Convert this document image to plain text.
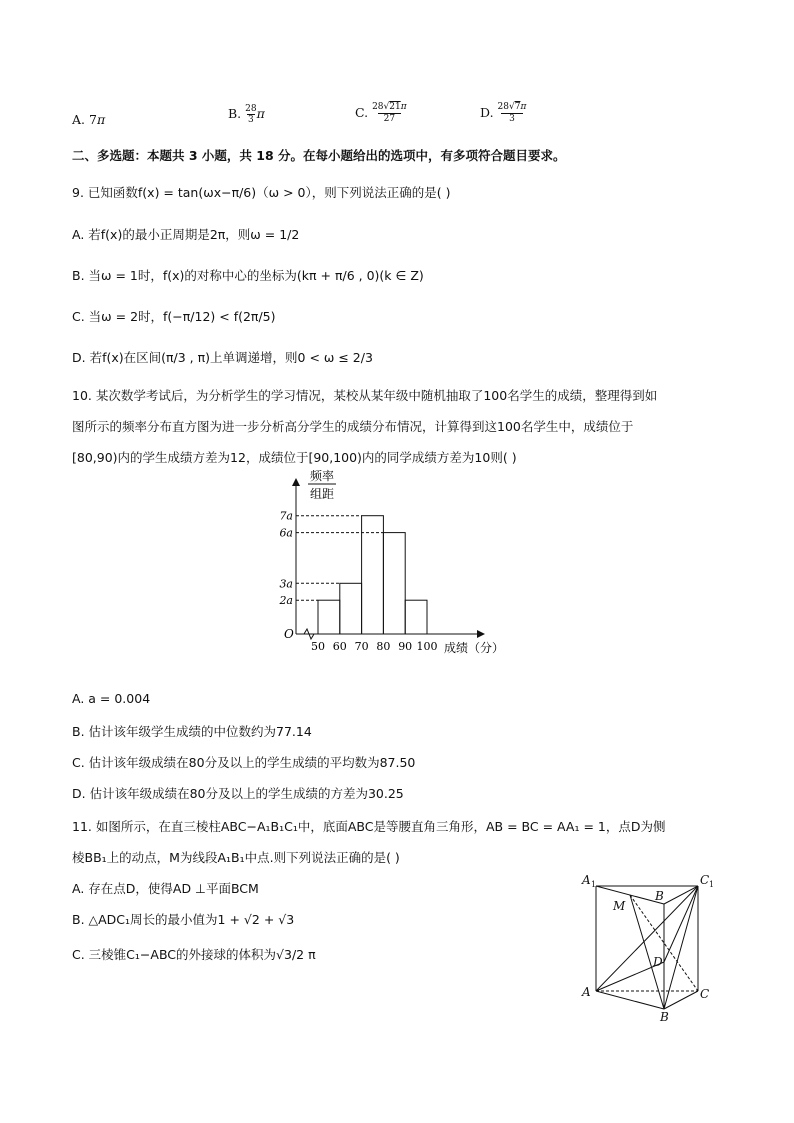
A. 7π	B. 28
3 π	C. 28√21π
27	D. 28√7π
3
二、多选题：本题共 3 小题，共 18 分。在每小题给出的选项中，有多项符合题目要求。
9. 已知函数f(x) = tan(ωx−π/6)（ω > 0），则下列说法正确的是( )
A. 若f(x)的最小正周期是2π，则ω = 1/2
B. 当ω = 1时，f(x)的对称中心的坐标为(kπ + π/6 , 0)(k ∈ Z)
C. 当ω = 2时，f(−π/12) < f(2π/5)
D. 若f(x)在区间(π/3 , π)上单调递增，则0 < ω ≤ 2/3
10. 某次数学考试后，为分析学生的学习情况，某校从某年级中随机抽取了100名学生的成绩，整理得到如
图所示的频率分布直方图为进一步分析高分学生的成绩分布情况，计算得到这100名学生中，成绩位于
[80,90)内的学生成绩方差为12，成绩位于[90,100)内的同学成绩方差为10则( )
2a
3a
6a
7a
50 60 70 80 90 100
O
频率
组距
成绩（分）
A. a = 0.004
B. 估计该年级学生成绩的中位数约为77.14
C. 估计该年级成绩在80分及以上的学生成绩的平均数为87.50
D. 估计该年级成绩在80分及以上的学生成绩的方差为30.25
11. 如图所示，在直三棱柱ABC−A₁B₁C₁中，底面ABC是等腰直角三角形，AB = BC = AA₁ = 1，点D为侧
棱BB₁上的动点，M为线段A₁B₁中点.则下列说法正确的是( )
A. 存在点D，使得AD ⊥平面BCM
B. △ADC₁周长的最小值为1 + √2 + √3
C. 三棱锥C₁−ABC的外接球的体积为√3/2 π
A 1
B
C 1
M
D
A
B
C
